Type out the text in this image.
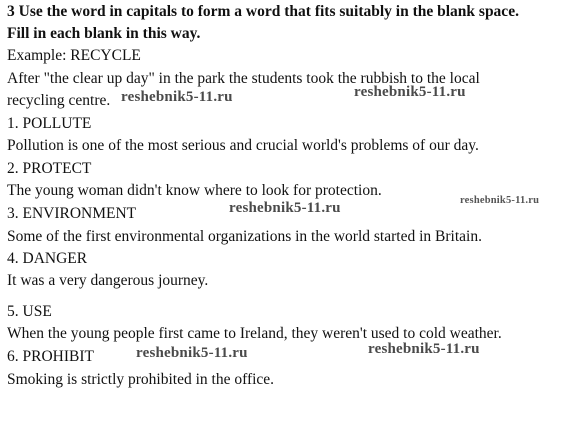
3 Use the word in capitals to form a word that fits suitably in the blank space.
Fill in each blank in this way.
Example: RECYCLE
After "the clear up day" in the park the students took the rubbish to the local
recycling centre.
1. POLLUTE
Pollution is one of the most serious and crucial world's problems of our day.
2. PROTECT
The young woman didn't know where to look for protection.
3. ENVIRONMENT
Some of the first environmental organizations in the world started in Britain.
4. DANGER
It was a very dangerous journey.
5. USE
When the young people first came to Ireland, they weren't used to cold weather.
6. PROHIBIT
Smoking is strictly prohibited in the office.
reshebnik5-11.ru	reshebnik5-11.ru
reshebnik5-11.ru
reshebnik5-11.ru
reshebnik5-11.ru	reshebnik5-11.ru
